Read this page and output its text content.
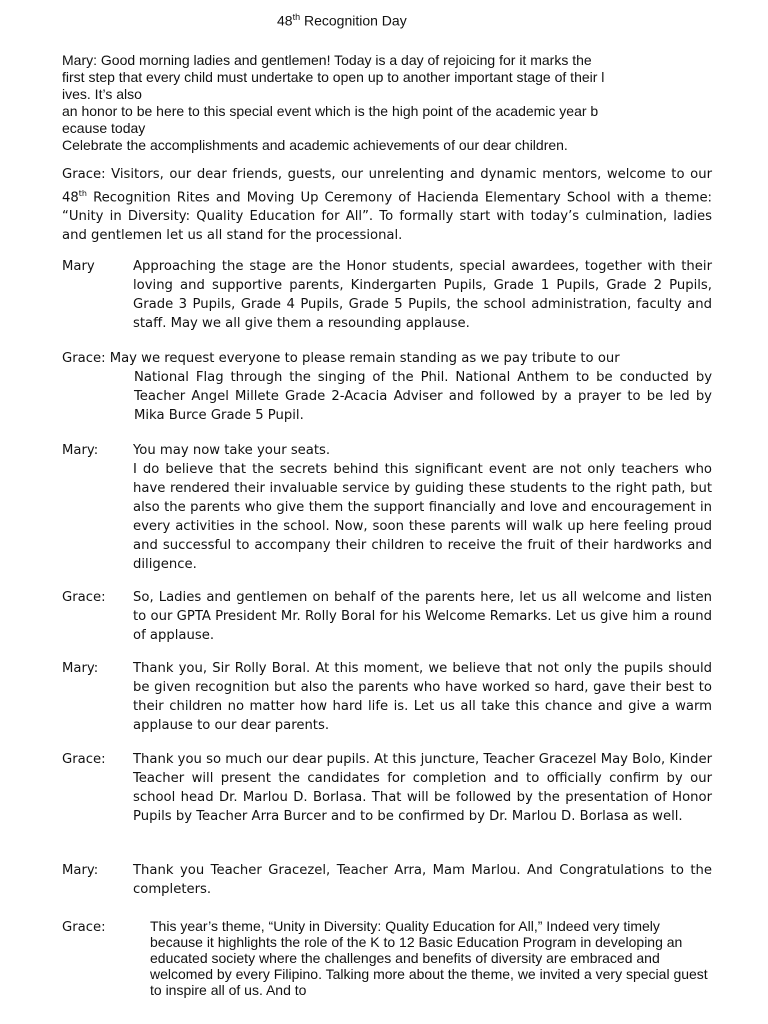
48th Recognition Day
Mary: Good morning ladies and gentlemen! Today is a day of rejoicing for it marks the
first step that every child must undertake to open up to another important stage of their l
ives. It’s also
an honor to be here to this special event which is the high point of the academic year b
ecause today
Celebrate the accomplishments and academic achievements of our dear children.
Grace: Visitors, our dear friends, guests, our unrelenting and dynamic mentors, welcome to our 48th Recognition Rites and Moving Up Ceremony of Hacienda Elementary School with a theme: “Unity in Diversity: Quality Education for All”. To formally start with today’s culmination, ladies and gentlemen let us all stand for the processional.
Mary	Approaching the stage are the Honor students, special awardees, together with their loving and supportive parents, Kindergarten Pupils, Grade 1 Pupils, Grade 2 Pupils, Grade 3 Pupils, Grade 4 Pupils, Grade 5 Pupils, the school administration, faculty and staff. May we all give them a resounding applause.
Grace: May we request everyone to please remain standing as we pay tribute to our
National Flag through the singing of the Phil. National Anthem to be conducted by Teacher Angel Millete Grade 2-Acacia Adviser and followed by a prayer to be led by Mika Burce Grade 5 Pupil.
Mary:	You may now take your seats.

I do believe that the secrets behind this significant event are not only teachers who have rendered their invaluable service by guiding these students to the right path, but also the parents who give them the support financially and love and encouragement in every activities in the school. Now, soon these parents will walk up here feeling proud and successful to accompany their children to receive the fruit of their hardworks and diligence.

Grace: So, Ladies and gentlemen on behalf of the parents here, let us all welcome and listen to our GPTA President Mr. Rolly Boral for his Welcome Remarks. Let us give him a round of applause.
Mary:	Thank you, Sir Rolly Boral. At this moment, we believe that not only the pupils should be given recognition but also the parents who have worked so hard, gave their best to their children no matter how hard life is. Let us all take this chance and give a warm applause to our dear parents.
Grace: Thank you so much our dear pupils. At this juncture, Teacher Gracezel May Bolo, Kinder Teacher will present the candidates for completion and to officially confirm by our school head Dr. Marlou D. Borlasa. That will be followed by the presentation of Honor Pupils by Teacher Arra Burcer and to be confirmed by Dr. Marlou D. Borlasa as well.
Mary:	Thank you Teacher Gracezel, Teacher Arra, Mam Marlou. And Congratulations to the completers.
Grace:	This year’s theme, “Unity in Diversity: Quality Education for All,” Indeed very timely because it highlights the role of the K to 12 Basic Education Program in developing an educated society where the challenges and benefits of diversity are embraced and welcomed by every Filipino. Talking more about the theme, we invited a very special guest to inspire all of us. And to
